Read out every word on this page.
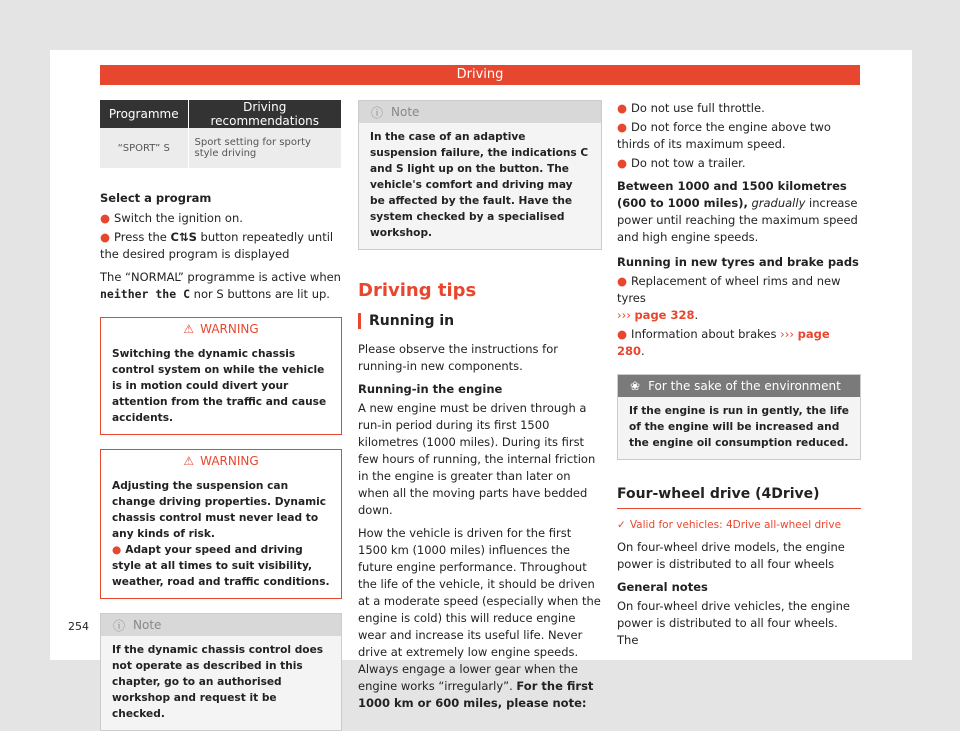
Driving
Programme	Driving recommendations
“SPORT” S	Sport setting for sporty style driving
Select a program
● Switch the ignition on.
● Press the C⇅S button repeatedly until the desired program is displayed
The “NORMAL” programme is active when neither the C nor S buttons are lit up.
⚠ WARNING
Switching the dynamic chassis control system on while the vehicle is in motion could divert your attention from the traffic and cause accidents.
⚠ WARNING
Adjusting the suspension can change driving properties. Dynamic chassis control must never lead to any kinds of risk.
● Adapt your speed and driving style at all times to suit visibility, weather, road and traffic conditions.
ⓘ Note
If the dynamic chassis control does not operate as described in this chapter, go to an authorised workshop and request it be checked.
ⓘ Note
In the case of an adaptive suspension failure, the indications C and S light up on the button. The vehicle's comfort and driving may be affected by the fault. Have the system checked by a specialised workshop.
Driving tips
Running in
Please observe the instructions for running-in new components.
Running-in the engine
A new engine must be driven through a run-in period during its first 1500 kilometres (1000 miles). During its first few hours of running, the internal friction in the engine is greater than later on when all the moving parts have bedded down.
How the vehicle is driven for the first 1500 km (1000 miles) influences the future engine performance. Throughout the life of the vehicle, it should be driven at a moderate speed (especially when the engine is cold) this will reduce engine wear and increase its useful life. Never drive at extremely low engine speeds. Always engage a lower gear when the engine works “irregularly”. For the first 1000 km or 600 miles, please note:
● Do not use full throttle.
● Do not force the engine above two thirds of its maximum speed.
● Do not tow a trailer.
Between 1000 and 1500 kilometres (600 to 1000 miles), gradually increase power until reaching the maximum speed and high engine speeds.
Running in new tyres and brake pads
● Replacement of wheel rims and new tyres
››› page 328.
● Information about brakes ››› page 280.
❀ For the sake of the environment
If the engine is run in gently, the life of the engine will be increased and the engine oil consumption reduced.
Four-wheel drive (4Drive)
✓ Valid for vehicles: 4Drive all-wheel drive
On four-wheel drive models, the engine power is distributed to all four wheels
General notes
On four-wheel drive vehicles, the engine power is distributed to all four wheels. The
254
